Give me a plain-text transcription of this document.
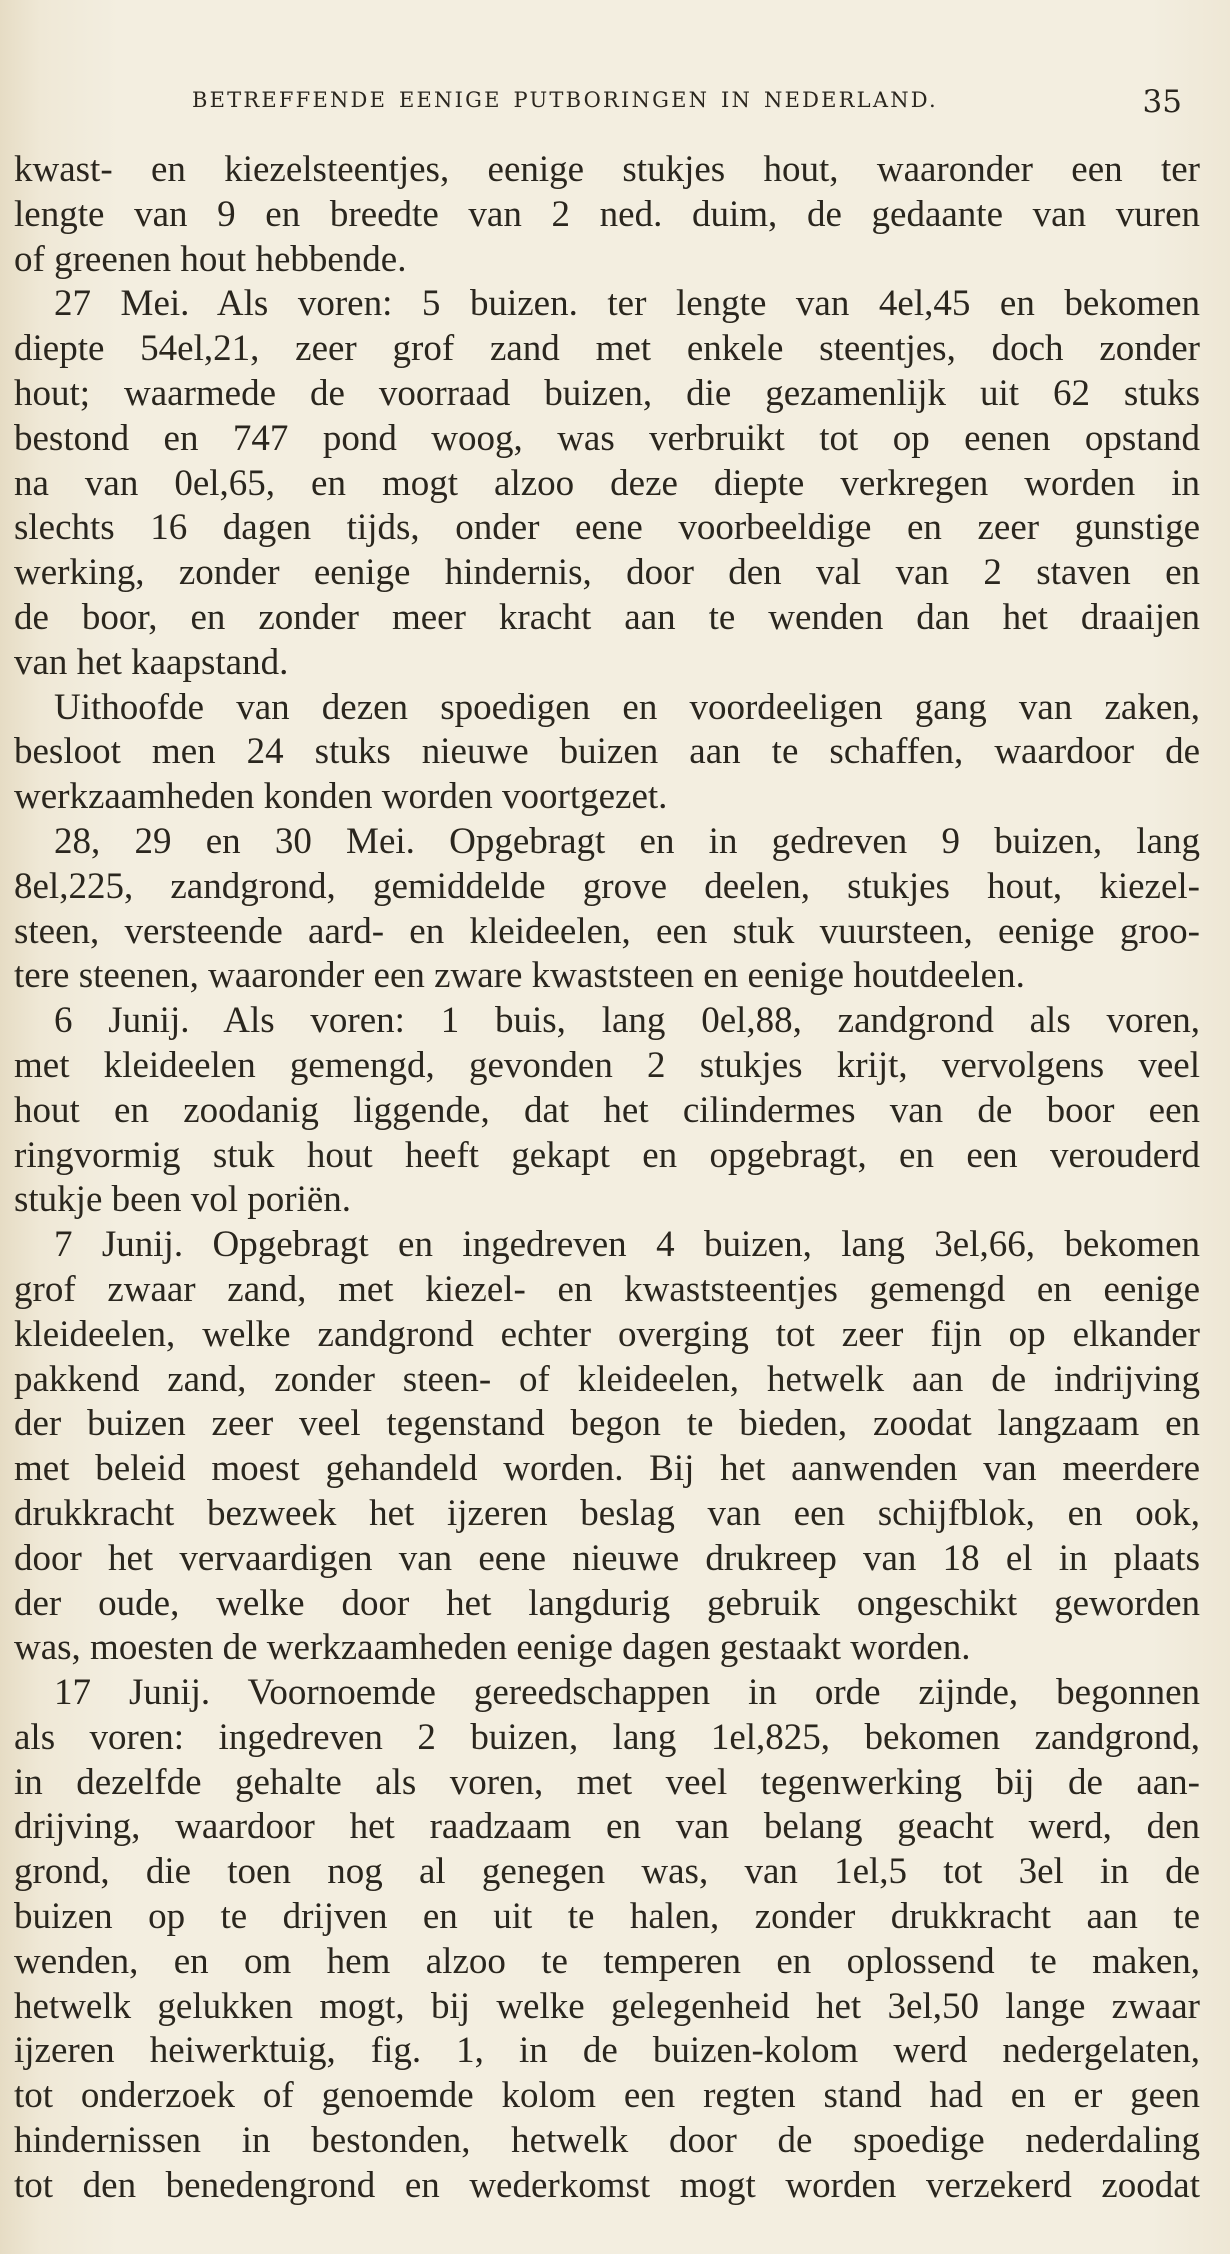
BETREFFENDE EENIGE PUTBORINGEN IN NEDERLAND.	35
kwast- en kiezelsteentjes, eenige stukjes hout, waaronder een ter
lengte van 9 en breedte van 2 ned. duim, de gedaante van vuren
of greenen hout hebbende.
27 Mei. Als voren: 5 buizen. ter lengte van 4el,45 en bekomen
diepte 54el,21, zeer grof zand met enkele steentjes, doch zonder
hout; waarmede de voorraad buizen, die gezamenlijk uit 62 stuks
bestond en 747 pond woog, was verbruikt tot op eenen opstand
na van 0el,65, en mogt alzoo deze diepte verkregen worden in
slechts 16 dagen tijds, onder eene voorbeeldige en zeer gunstige
werking, zonder eenige hindernis, door den val van 2 staven en
de boor, en zonder meer kracht aan te wenden dan het draaijen
van het kaapstand.
Uithoofde van dezen spoedigen en voordeeligen gang van zaken,
besloot men 24 stuks nieuwe buizen aan te schaffen, waardoor de
werkzaamheden konden worden voortgezet.
28, 29 en 30 Mei. Opgebragt en in gedreven 9 buizen, lang
8el,225, zandgrond, gemiddelde grove deelen, stukjes hout, kiezel-
steen, versteende aard- en kleideelen, een stuk vuursteen, eenige groo-
tere steenen, waaronder een zware kwaststeen en eenige houtdeelen.
6 Junij. Als voren: 1 buis, lang 0el,88, zandgrond als voren,
met kleideelen gemengd, gevonden 2 stukjes krijt, vervolgens veel
hout en zoodanig liggende, dat het cilindermes van de boor een
ringvormig stuk hout heeft gekapt en opgebragt, en een verouderd
stukje been vol poriën.
7 Junij. Opgebragt en ingedreven 4 buizen, lang 3el,66, bekomen
grof zwaar zand, met kiezel- en kwaststeentjes gemengd en eenige
kleideelen, welke zandgrond echter overging tot zeer fijn op elkander
pakkend zand, zonder steen- of kleideelen, hetwelk aan de indrijving
der buizen zeer veel tegenstand begon te bieden, zoodat langzaam en
met beleid moest gehandeld worden. Bij het aanwenden van meerdere
drukkracht bezweek het ijzeren beslag van een schijfblok, en ook,
door het vervaardigen van eene nieuwe drukreep van 18 el in plaats
der oude, welke door het langdurig gebruik ongeschikt geworden
was, moesten de werkzaamheden eenige dagen gestaakt worden.
17 Junij. Voornoemde gereedschappen in orde zijnde, begonnen
als voren: ingedreven 2 buizen, lang 1el,825, bekomen zandgrond,
in dezelfde gehalte als voren, met veel tegenwerking bij de aan-
drijving, waardoor het raadzaam en van belang geacht werd, den
grond, die toen nog al genegen was, van 1el,5 tot 3el in de
buizen op te drijven en uit te halen, zonder drukkracht aan te
wenden, en om hem alzoo te temperen en oplossend te maken,
hetwelk gelukken mogt, bij welke gelegenheid het 3el,50 lange zwaar
ijzeren heiwerktuig, fig. 1, in de buizen-kolom werd nedergelaten,
tot onderzoek of genoemde kolom een regten stand had en er geen
hindernissen in bestonden, hetwelk door de spoedige nederdaling
tot den benedengrond en wederkomst mogt worden verzekerd zoodat
